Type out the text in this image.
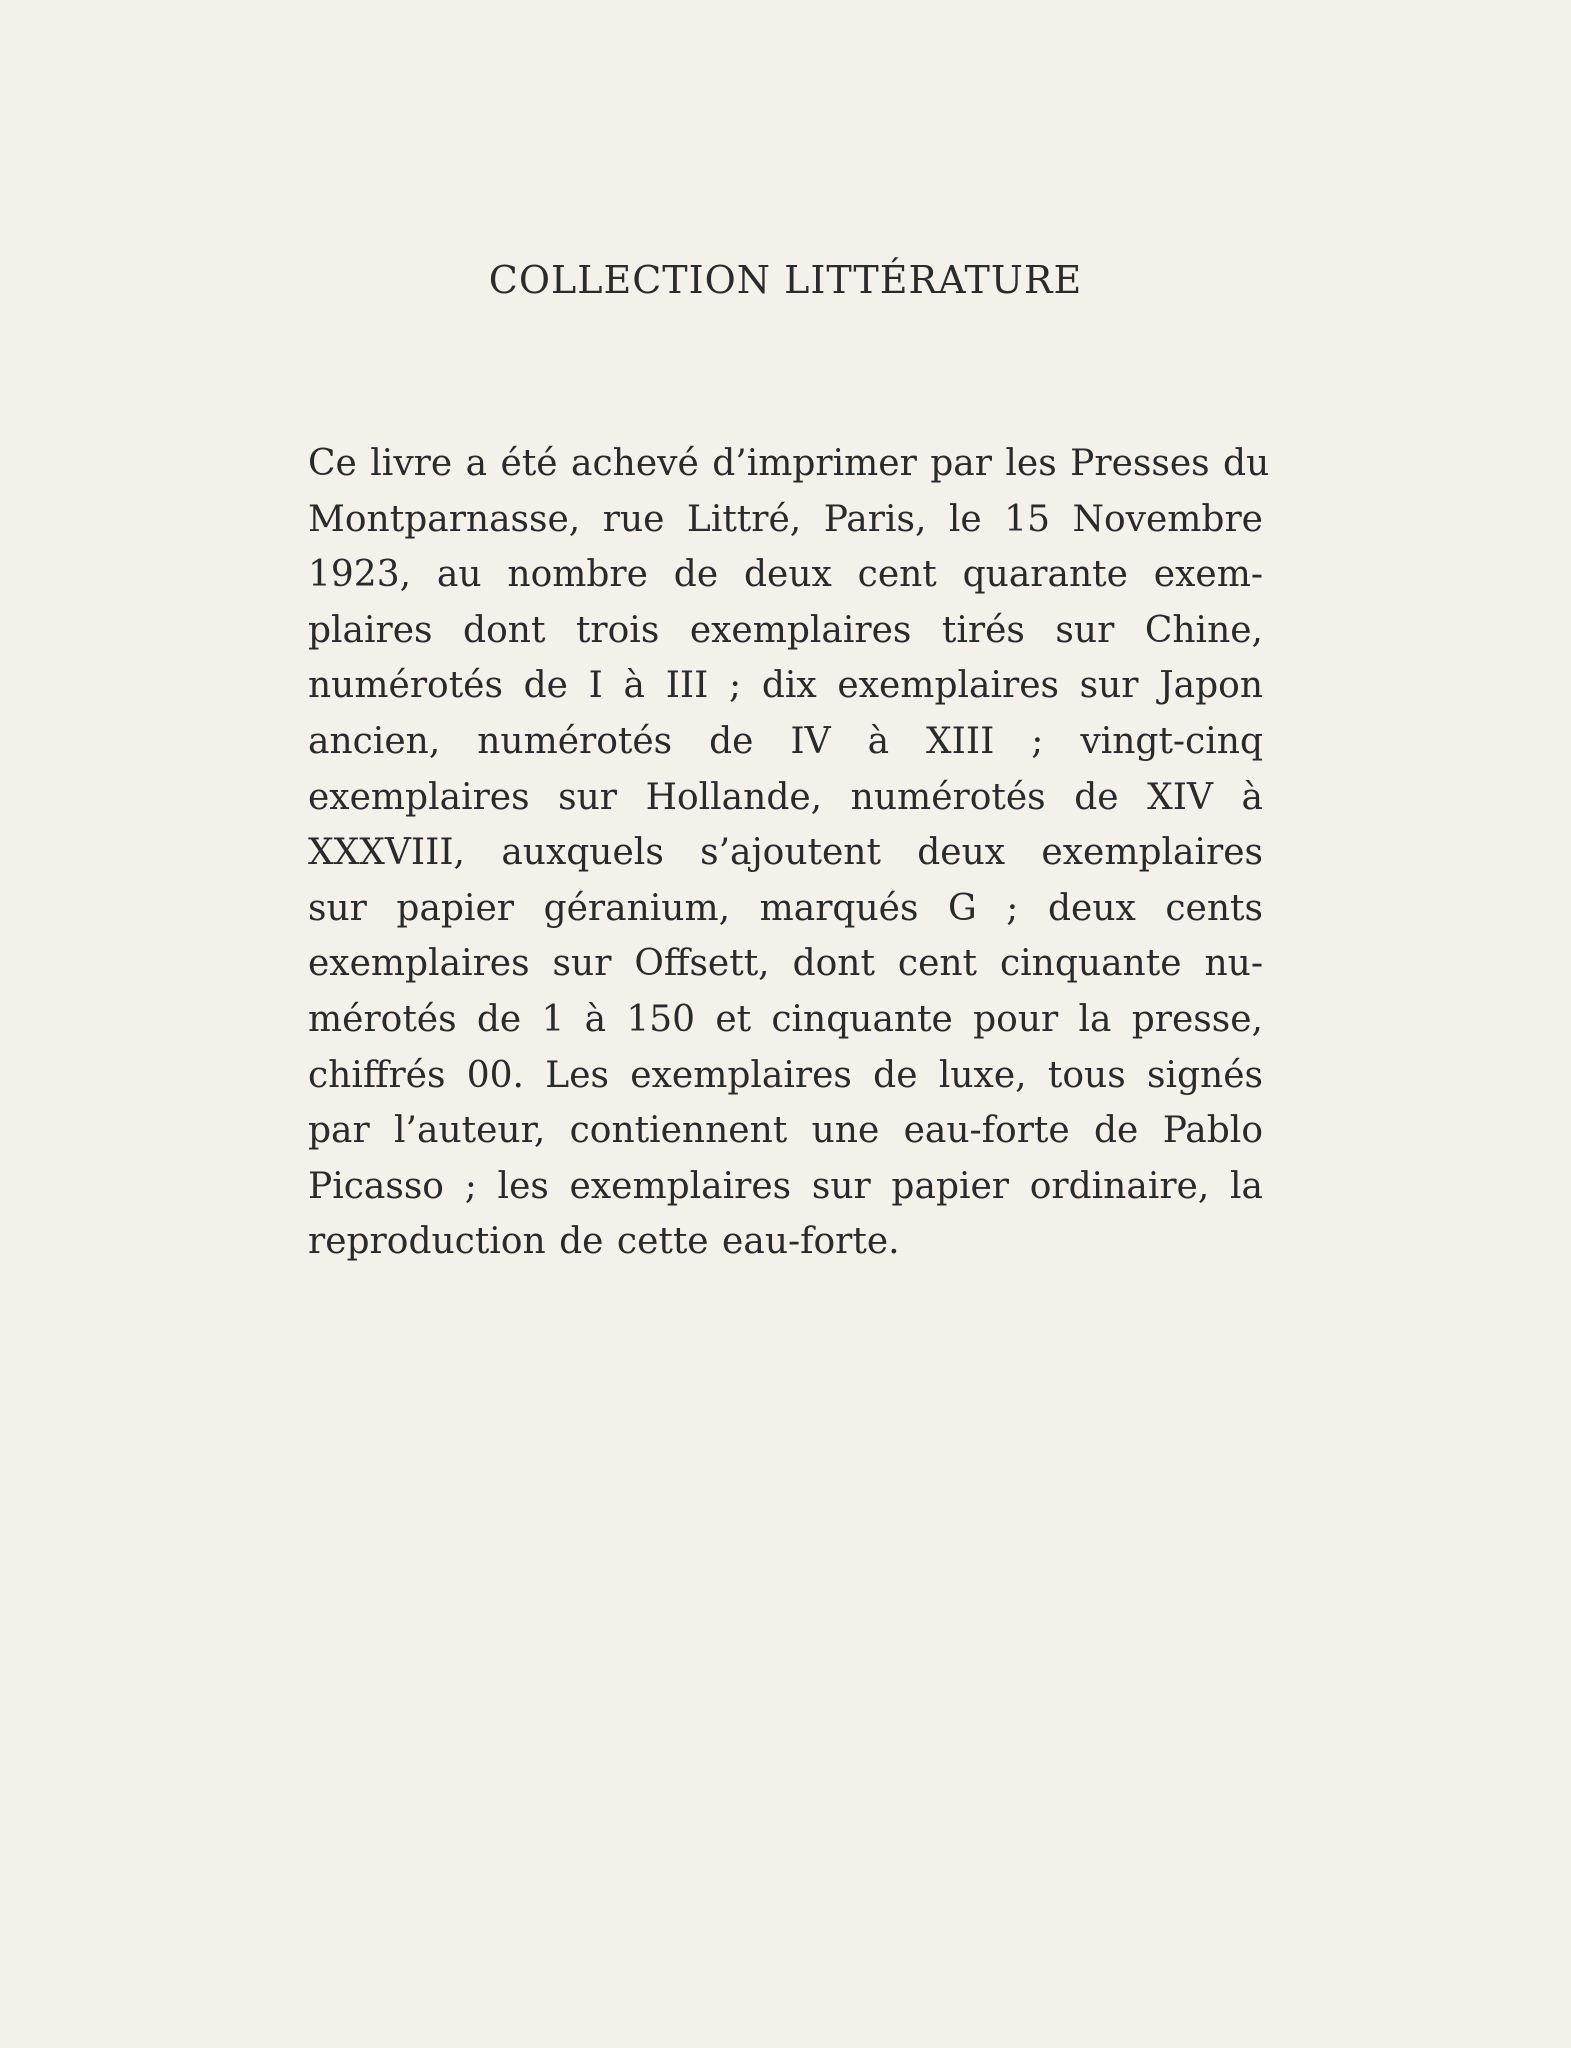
COLLECTION LITTÉRATURE
Ce livre a été achevé d’imprimer par les Presses du
Montparnasse, rue Littré, Paris, le 15 Novembre
1923, au nombre de deux cent quarante exem-
plaires dont trois exemplaires tirés sur Chine,
numérotés de I à III ; dix exemplaires sur Japon
ancien, numérotés de IV à XIII ; vingt-cinq
exemplaires sur Hollande, numérotés de XIV à
XXXVIII, auxquels s’ajoutent deux exemplaires
sur papier géranium, marqués G ; deux cents
exemplaires sur Offsett, dont cent cinquante nu-
mérotés de 1 à 150 et cinquante pour la presse,
chiffrés 00. Les exemplaires de luxe, tous signés
par l’auteur, contiennent une eau-forte de Pablo
Picasso ; les exemplaires sur papier ordinaire, la
reproduction de cette eau-forte.
